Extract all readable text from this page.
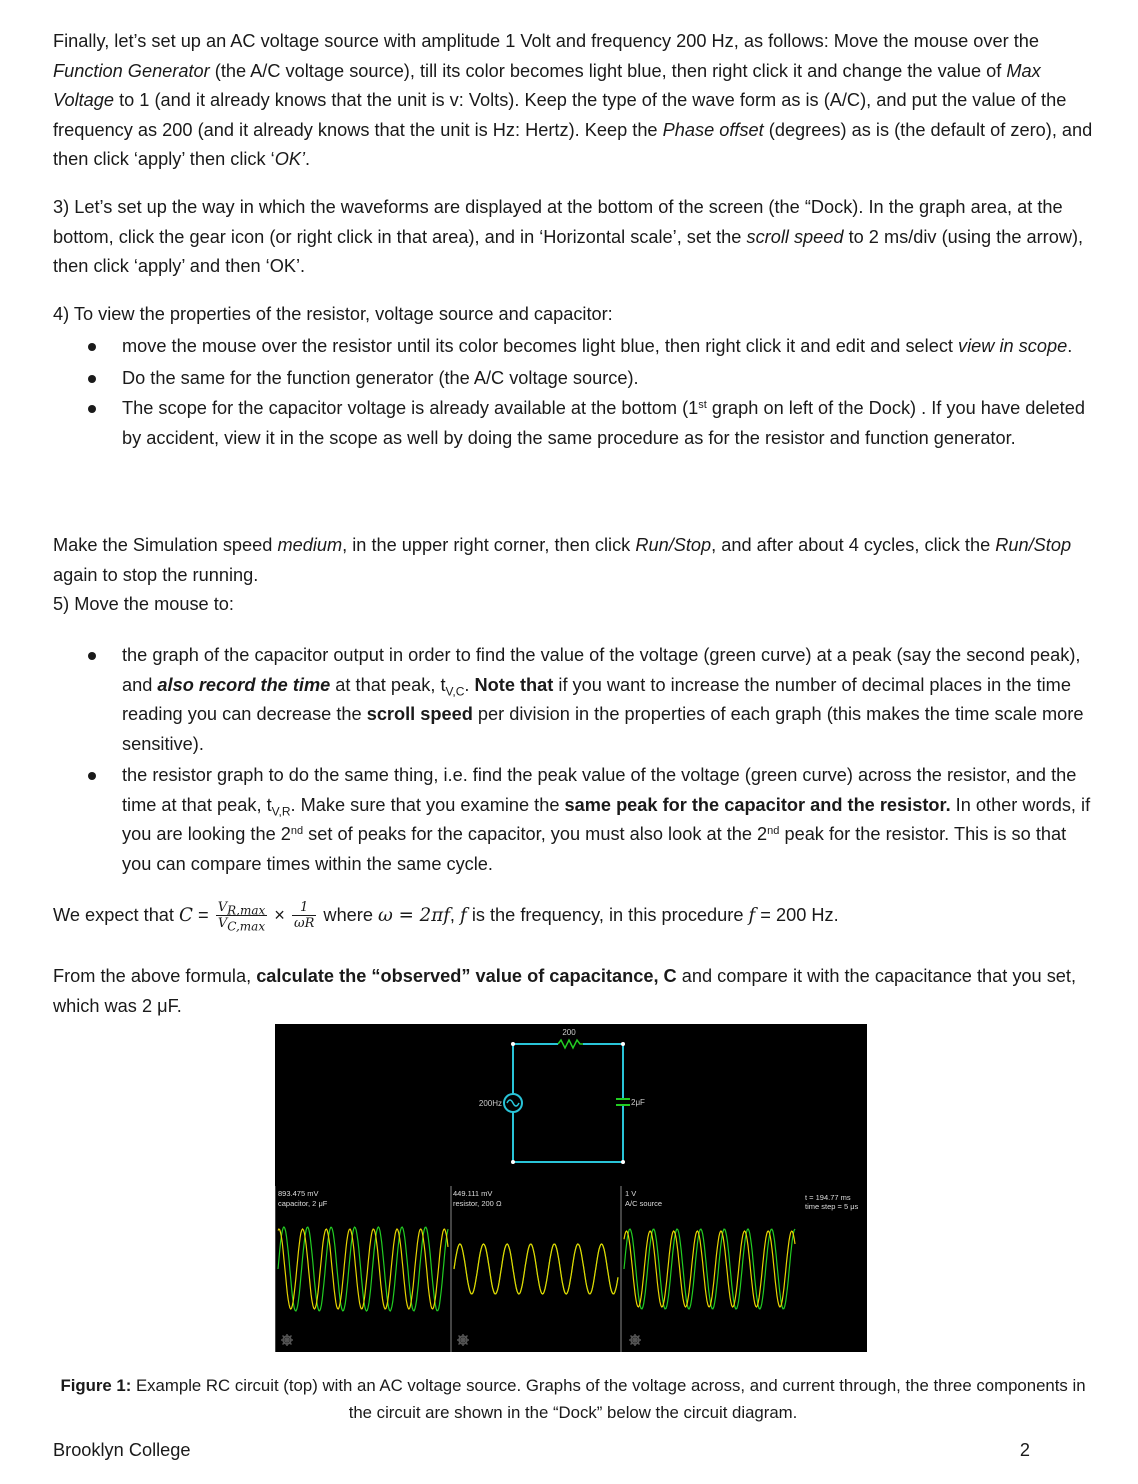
Finally, let’s set up an AC voltage source with amplitude 1 Volt and frequency 200 Hz, as follows: Move the mouse over the Function Generator (the A/C voltage source), till its color becomes light blue, then right click it and change the value of Max Voltage to 1 (and it already knows that the unit is v: Volts). Keep the type of the wave form as is (A/C), and put the value of the frequency as 200 (and it already knows that the unit is Hz: Hertz). Keep the Phase offset (degrees) as is (the default of zero), and then click ‘apply’ then click ‘OK’.

3) Let’s set up the way in which the waveforms are displayed at the bottom of the screen (the “Dock). In the graph area, at the bottom, click the gear icon (or right click in that area), and in ‘Horizontal scale’, set the scroll speed to 2 ms/div (using the arrow), then click ‘apply’ and then ‘OK’.

4) To view the properties of the resistor, voltage source and capacitor:

move the mouse over the resistor until its color becomes light blue, then right click it and edit and select view in scope.
Do the same for the function generator (the A/C voltage source).
The scope for the capacitor voltage is already available at the bottom (1st graph on left of the Dock) . If you have deleted by accident, view it in the scope as well by doing the same procedure as for the resistor and function generator.

Make the Simulation speed medium, in the upper right corner, then click Run/Stop, and after about 4 cycles, click the Run/Stop again to stop the running.
5) Move the mouse to:

the graph of the capacitor output in order to find the value of the voltage (green curve) at a peak (say the second peak), and also record the time at that peak, $t_{V,C}$. Note that if you want to increase the number of decimal places in the time reading you can decrease the scroll speed per division in the properties of each graph (this makes the time scale more sensitive).
the resistor graph to do the same thing, i.e. find the peak value of the voltage (green curve) across the resistor, and the time at that peak, $t_{V,R}$. Make sure that you examine the same peak for the capacitor and the resistor. In other words, if you are looking the 2nd set of peaks for the capacitor, you must also look at the 2nd peak for the resistor. This is so that you can compare times within the same cycle.

We expect that $C = \frac{V_{R,max}}{V_{C,max}} \times \frac{1}{\omega R}$ where ω = 2πf, f is the frequency, in this procedure f = 200 Hz.

From the above formula, calculate the “observed” value of capacitance, C and compare it with the capacitance that you set, which was 2 μF.

200
200Hz	2μF
893.475 mV
capacitor, 2 μF
449.111 mV
resistor, 200 Ω
1 V
A/C source
t = 194.77 ms
time step = 5 μs
Figure 1: Example RC circuit (top) with an AC voltage source. Graphs of the voltage across, and current through, the three components in the circuit are shown in the “Dock” below the circuit diagram.
Brooklyn College	2
